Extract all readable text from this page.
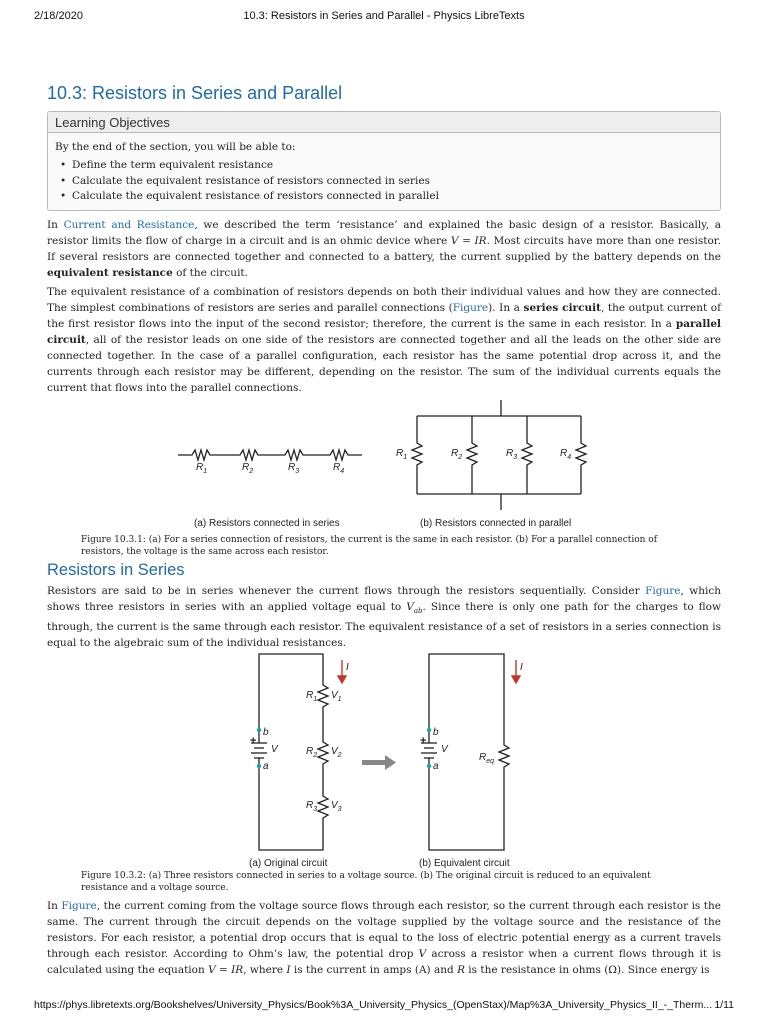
2/18/2020	10.3: Resistors in Series and Parallel - Physics LibreTexts
10.3: Resistors in Series and Parallel
Learning Objectives
By the end of the section, you will be able to:
• Define the term equivalent resistance
• Calculate the equivalent resistance of resistors connected in series
• Calculate the equivalent resistance of resistors connected in parallel

In Current and Resistance, we described the term ‘resistance’ and explained the basic design of a resistor. Basically, a resistor limits the flow of charge in a circuit and is an ohmic device where V = IR. Most circuits have more than one resistor. If several resistors are connected together and connected to a battery, the current supplied by the battery depends on the equivalent resistance of the circuit.

The equivalent resistance of a combination of resistors depends on both their individual values and how they are connected. The simplest combinations of resistors are series and parallel connections (Figure). In a series circuit, the output current of the first resistor flows into the input of the second resistor; therefore, the current is the same in each resistor. In a parallel circuit, all of the resistor leads on one side of the resistors are connected together and all the leads on the other side are connected together. In the case of a parallel configuration, each resistor has the same potential drop across it, and the currents through each resistor may be different, depending on the resistor. The sum of the individual currents equals the current that flows into the parallel connections.

$R_1$	$R_2$	$R_3$	$R_4$
$R_1$	$R_2$	$R_3$	$R_4$
(a) Resistors connected in series	(b) Resistors connected in parallel
Figure 10.3.1: (a) For a series connection of resistors, the current is the same in each resistor. (b) For a parallel connection of resistors, the voltage is the same across each resistor.
Resistors in Series

Resistors are said to be in series whenever the current flows through the resistors sequentially. Consider Figure, which shows three resistors in series with an applied voltage equal to $V_{ab}$. Since there is only one path for the charges to flow through, the current is the same through each resistor. The equivalent resistance of a set of resistors in a series connection is equal to the algebraic sum of the individual resistances.

I	I
b
a
b
a
V	V
$R_1$
$R_2$
$R_3$
$V_1$
$V_2$
$V_3$
$R_{eq}$
+	+
(a) Original circuit	(b) Equivalent circuit
Figure 10.3.2: (a) Three resistors connected in series to a voltage source. (b) The original circuit is reduced to an equivalent resistance and a voltage source.

In Figure, the current coming from the voltage source flows through each resistor, so the current through each resistor is the same. The current through the circuit depends on the voltage supplied by the voltage source and the resistance of the resistors. For each resistor, a potential drop occurs that is equal to the loss of electric potential energy as a current travels through each resistor. According to Ohm’s law, the potential drop V across a resistor when a current flows through it is calculated using the equation V = IR, where I is the current in amps (A) and R is the resistance in ohms (Ω). Since energy is

https://phys.libretexts.org/Bookshelves/University_Physics/Book%3A_University_Physics_(OpenStax)/Map%3A_University_Physics_II_-_Therm... 1/11
